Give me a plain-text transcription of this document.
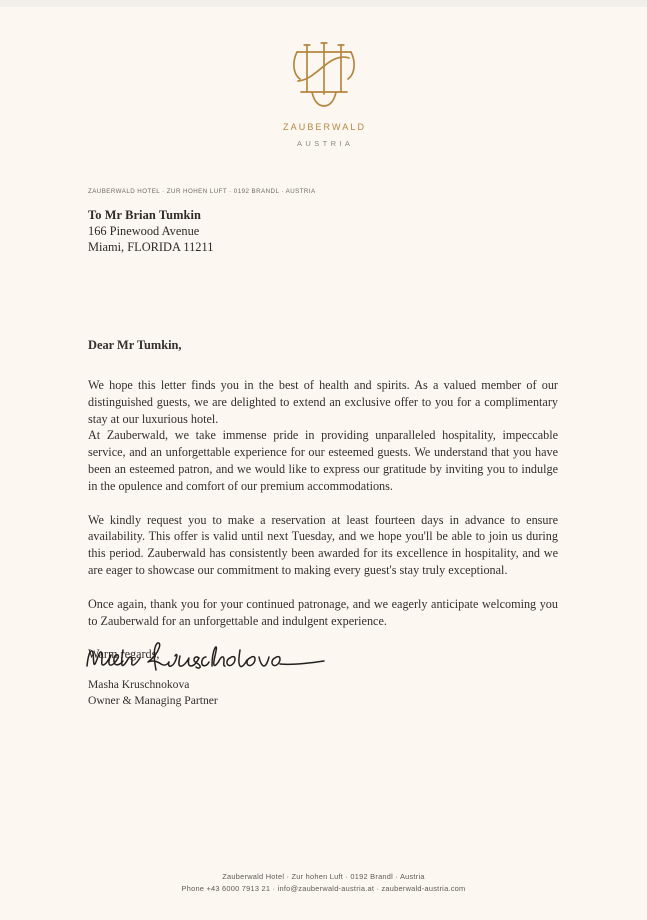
ZAUBERWALD
AUSTRIA
ZAUBERWALD HOTEL · ZUR HOHEN LUFT · 0192 BRANDL · AUSTRIA
To Mr Brian Tumkin
166 Pinewood Avenue
Miami, FLORIDA 11211

Dear Mr Tumkin,

We hope this letter finds you in the best of health and spirits. As a valued member of our distinguished guests, we are delighted to extend an exclusive offer to you for a complimentary stay at our luxurious hotel.

At Zauberwald, we take immense pride in providing unparalleled hospitality, impeccable service, and an unforgettable experience for our esteemed guests. We understand that you have been an esteemed patron, and we would like to express our gratitude by inviting you to indulge in the opulence and comfort of our premium accommodations.

We kindly request you to make a reservation at least fourteen days in advance to ensure availability. This offer is valid until next Tuesday, and we hope you'll be able to join us during this period. Zauberwald has consistently been awarded for its excellence in hospitality, and we are eager to showcase our commitment to making every guest's stay truly exceptional.

Once again, thank you for your continued patronage, and we eagerly anticipate welcoming you to Zauberwald for an unforgettable and indulgent experience.

Warm regards,

Masha Kruschnokova
Owner & Managing Partner
Zauberwald Hotel · Zur hohen Luft · 0192 Brandl · Austria
Phone +43 6000 7913 21 · info@zauberwald-austria.at · zauberwald-austria.com
